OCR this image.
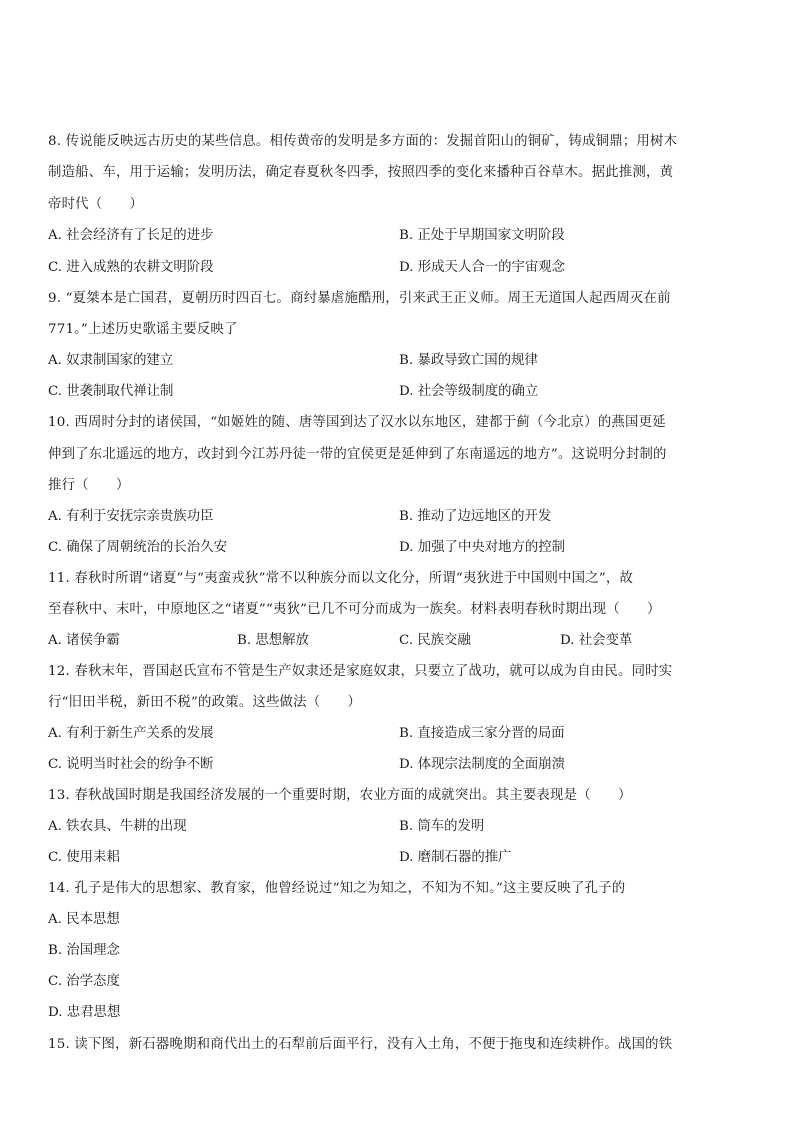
8. 传说能反映远古历史的某些信息。相传黄帝的发明是多方面的：发掘首阳山的铜矿，铸成铜鼎；用树木
制造船、车，用于运输；发明历法，确定春夏秋冬四季，按照四季的变化来播种百谷草木。据此推测，黄
帝时代（　　）
A. 社会经济有了长足的进步	B. 正处于早期国家文明阶段
C. 进入成熟的农耕文明阶段	D. 形成天人合一的宇宙观念
9. “夏桀本是亡国君，夏朝历时四百七。商纣暴虐施酷刑，引来武王正义师。周王无道国人起西周灭在前
771。”上述历史歌谣主要反映了
A. 奴隶制国家的建立	B. 暴政导致亡国的规律
C. 世袭制取代禅让制	D. 社会等级制度的确立
10. 西周时分封的诸侯国，“如姬姓的随、唐等国到达了汉水以东地区，建都于蓟（今北京）的燕国更延
伸到了东北遥远的地方，改封到今江苏丹徒一带的宜侯更是延伸到了东南遥远的地方”。这说明分封制的
推行（　　）
A. 有利于安抚宗亲贵族功臣	B. 推动了边远地区的开发
C. 确保了周朝统治的长治久安	D. 加强了中央对地方的控制
11. 春秋时所谓“诸夏”与“夷蛮戎狄”常不以种族分而以文化分，所谓“夷狄进于中国则中国之”，故
至春秋中、末叶，中原地区之“诸夏”“夷狄”已几不可分而成为一族矣。材料表明春秋时期出现（　　）
A. 诸侯争霸	B. 思想解放	C. 民族交融	D. 社会变革
12. 春秋末年，晋国赵氏宣布不管是生产奴隶还是家庭奴隶，只要立了战功，就可以成为自由民。同时实
行“旧田半税，新田不税”的政策。这些做法（　　）
A. 有利于新生产关系的发展	B. 直接造成三家分晋的局面
C. 说明当时社会的纷争不断	D. 体现宗法制度的全面崩溃
13. 春秋战国时期是我国经济发展的一个重要时期，农业方面的成就突出。其主要表现是（　　）
A. 铁农具、牛耕的出现	B. 筒车的发明
C. 使用耒耜	D. 磨制石器的推广
14. 孔子是伟大的思想家、教育家，他曾经说过“知之为知之，不知为不知。”这主要反映了孔子的
A. 民本思想
B. 治国理念
C. 治学态度
D. 忠君思想
15. 读下图，新石器晚期和商代出土的石犁前后面平行，没有入土角，不便于拖曳和连续耕作。战国的铁
